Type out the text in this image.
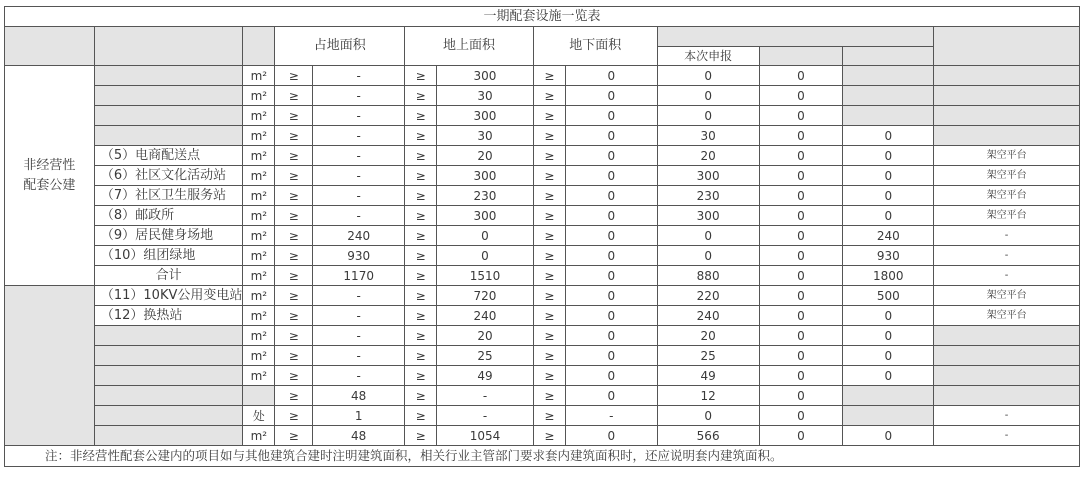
一期配套设施一览表												
			占地面积		地上面积		地下面积					
									本次申报			
非经营性配套公建		m²	≥	-	≥	300	≥	0	0	0		
		m²	≥	-	≥	30	≥	0	0	0		
		m²	≥	-	≥	300	≥	0	0	0		
		m²	≥	-	≥	30	≥	0	30	0	0	
	（5）电商配送点	m²	≥	-	≥	20	≥	0	20	0	0	架空平台
	（6）社区文化活动站	m²	≥	-	≥	300	≥	0	300	0	0	架空平台
	（7）社区卫生服务站	m²	≥	-	≥	230	≥	0	230	0	0	架空平台
	（8）邮政所	m²	≥	-	≥	300	≥	0	300	0	0	架空平台
	（9）居民健身场地	m²	≥	240	≥	0	≥	0	0	0	240	-
	（10）组团绿地	m²	≥	930	≥	0	≥	0	0	0	930	-
	合计	m²	≥	1170	≥	1510	≥	0	880	0	1800	-
	（11）10KV公用变电站	m²	≥	-	≥	720	≥	0	220	0	500	架空平台
	（12）换热站	m²	≥	-	≥	240	≥	0	240	0	0	架空平台
		m²	≥	-	≥	20	≥	0	20	0	0	
		m²	≥	-	≥	25	≥	0	25	0	0	
		m²	≥	-	≥	49	≥	0	49	0	0	
			≥	48	≥	-	≥	0	12	0		
		处	≥	1	≥	-	≥	-	0	0		-
		m²	≥	48	≥	1054	≥	0	566	0	0	-
注：非经营性配套公建内的项目如与其他建筑合建时注明建筑面积，相关行业主管部门要求套内建筑面积时，还应说明套内建筑面积。												
